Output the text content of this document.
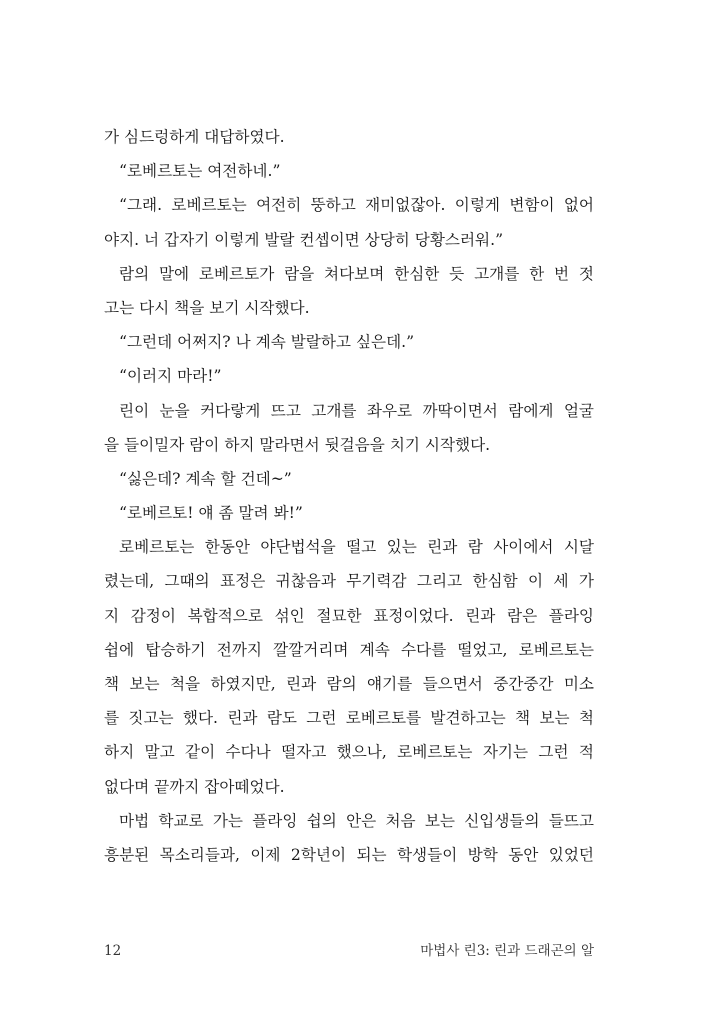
가 심드렁하게 대답하였다.
“로베르토는 여전하네.”
“그래. 로베르토는 여전히 뚱하고 재미없잖아. 이렇게 변함이 없어
야지. 너 갑자기 이렇게 발랄 컨셉이면 상당히 당황스러워.”
람의 말에 로베르토가 람을 쳐다보며 한심한 듯 고개를 한 번 젓
고는 다시 책을 보기 시작했다.
“그런데 어쩌지? 나 계속 발랄하고 싶은데.”
“이러지 마라!”
린이 눈을 커다랗게 뜨고 고개를 좌우로 까딱이면서 람에게 얼굴
을 들이밀자 람이 하지 말라면서 뒷걸음을 치기 시작했다.
“싫은데? 계속 할 건데~”
“로베르토! 얘 좀 말려 봐!”
로베르토는 한동안 야단법석을 떨고 있는 린과 람 사이에서 시달
렸는데, 그때의 표정은 귀찮음과 무기력감 그리고 한심함 이 세 가
지 감정이 복합적으로 섞인 절묘한 표정이었다. 린과 람은 플라잉
쉽에 탑승하기 전까지 깔깔거리며 계속 수다를 떨었고, 로베르토는
책 보는 척을 하였지만, 린과 람의 얘기를 들으면서 중간중간 미소
를 짓고는 했다. 린과 람도 그런 로베르토를 발견하고는 책 보는 척
하지 말고 같이 수다나 떨자고 했으나, 로베르토는 자기는 그런 적
없다며 끝까지 잡아떼었다.
마법 학교로 가는 플라잉 쉽의 안은 처음 보는 신입생들의 들뜨고
흥분된 목소리들과, 이제 2학년이 되는 학생들이 방학 동안 있었던
12	마법사 린3: 린과 드래곤의 알
